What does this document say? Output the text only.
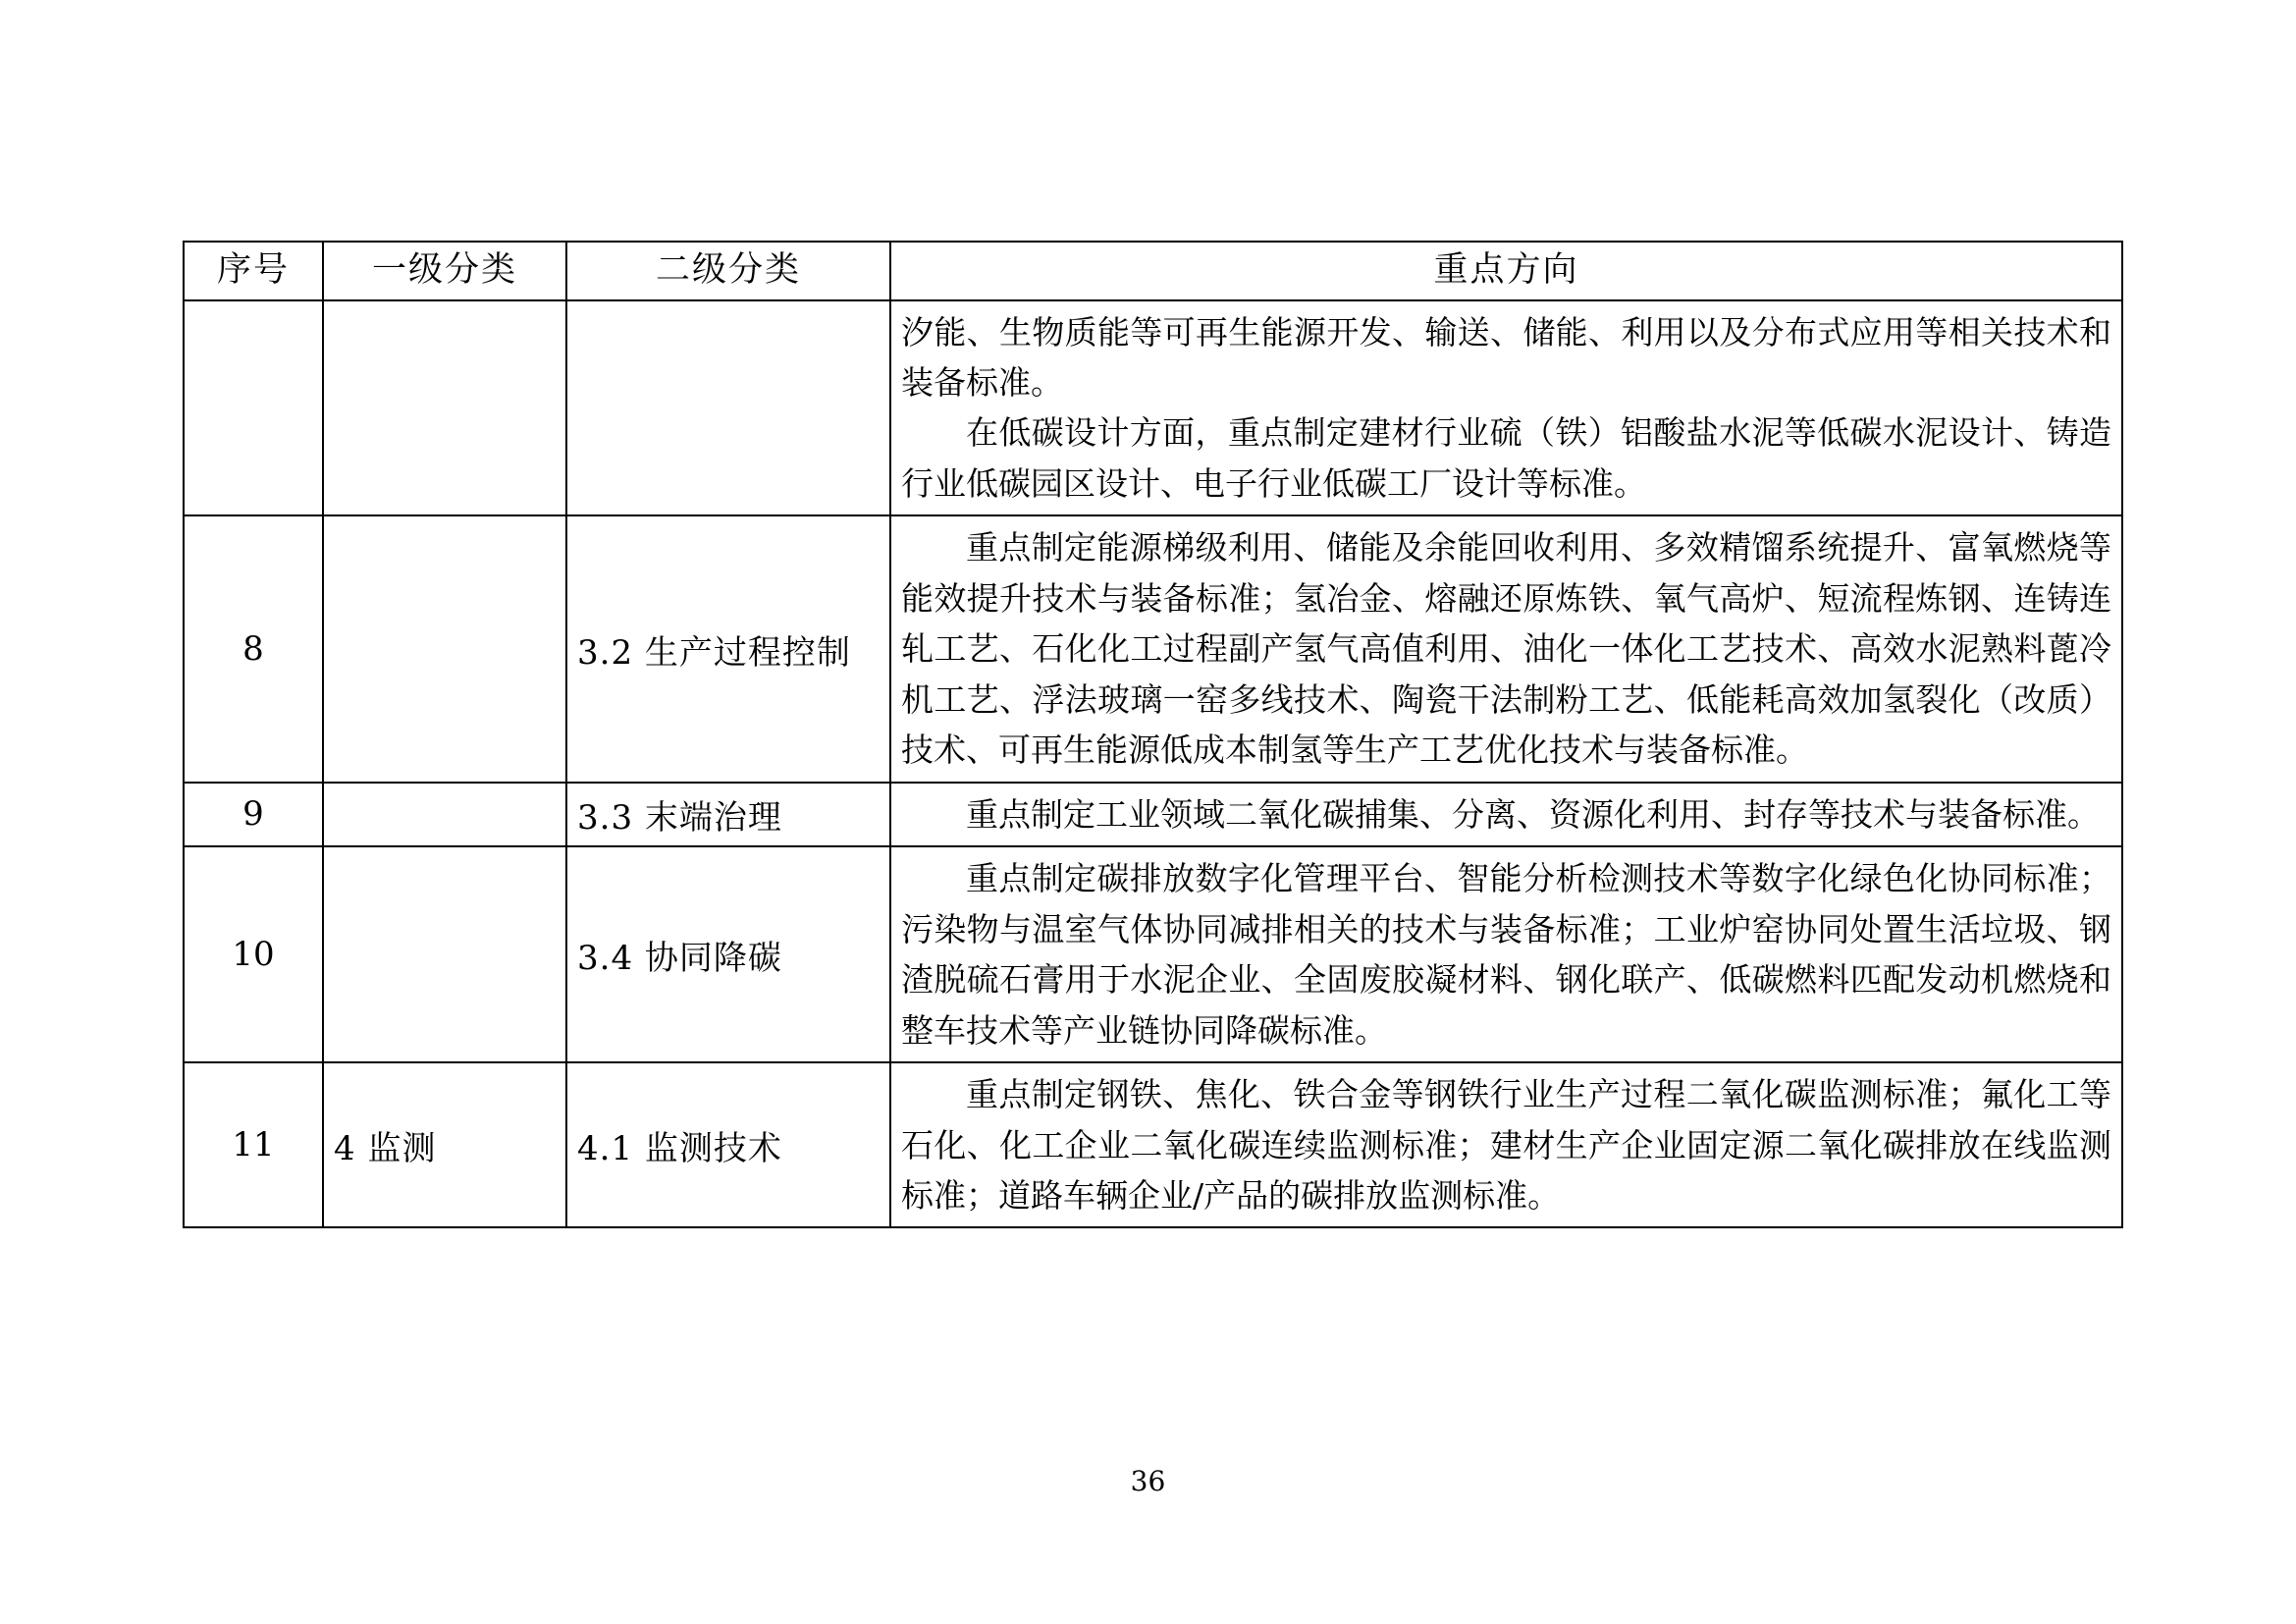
序号	一级分类	二级分类	重点方向

			汐能、生物质能等可再生能源开发、输送、储能、利用以及分布式应用等相关技术和装备标准。

在低碳设计方面，重点制定建材行业硫（铁）铝酸盐水泥等低碳水泥设计、铸造行业低碳园区设计、电子行业低碳工厂设计等标准。

8		3.2 生产过程控制	重点制定能源梯级利用、储能及余能回收利用、多效精馏系统提升、富氧燃烧等能效提升技术与装备标准；氢冶金、熔融还原炼铁、氧气高炉、短流程炼钢、连铸连轧工艺、石化化工过程副产氢气高值利用、油化一体化工艺技术、高效水泥熟料蓖冷机工艺、浮法玻璃一窑多线技术、陶瓷干法制粉工艺、低能耗高效加氢裂化（改质）技术、可再生能源低成本制氢等生产工艺优化技术与装备标准。

9		3.3 末端治理	重点制定工业领域二氧化碳捕集、分离、资源化利用、封存等技术与装备标准。

10		3.4 协同降碳	重点制定碳排放数字化管理平台、智能分析检测技术等数字化绿色化协同标准；污染物与温室气体协同减排相关的技术与装备标准；工业炉窑协同处置生活垃圾、钢渣脱硫石膏用于水泥企业、全固废胶凝材料、钢化联产、低碳燃料匹配发动机燃烧和整车技术等产业链协同降碳标准。

11	4 监测	4.1 监测技术	重点制定钢铁、焦化、铁合金等钢铁行业生产过程二氧化碳监测标准；氟化工等石化、化工企业二氧化碳连续监测标准；建材生产企业固定源二氧化碳排放在线监测标准；道路车辆企业/产品的碳排放监测标准。

36
